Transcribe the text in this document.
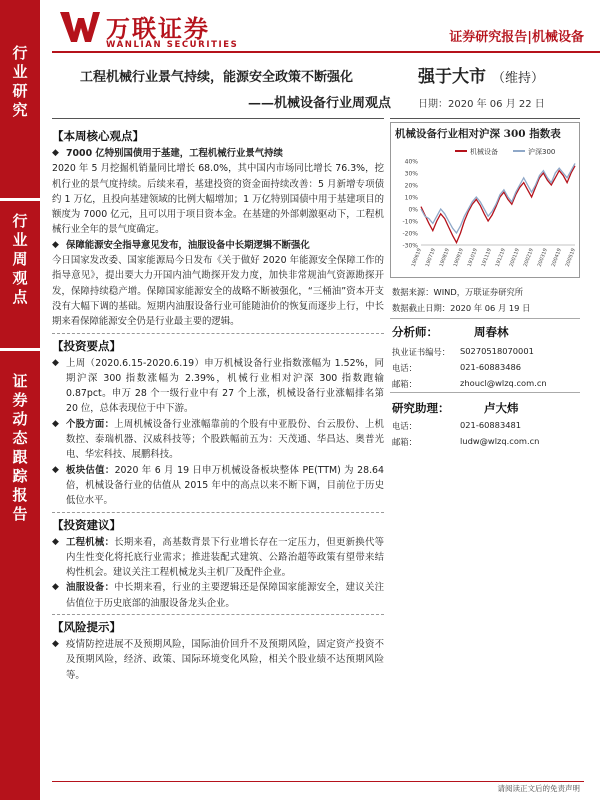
行
业
研
究
行
业
周
观
点
证
券
动
态
跟
踪
报
告
万联证券
WANLIAN SECURITIES	证券研究报告|机械设备
工程机械行业景气持续，能源安全政策不断强化
——机械设备行业周观点
强于大市 （维持）
日期：2020 年 06 月 22 日
【本周核心观点】
◆ 7000 亿特别国债用于基建，工程机械行业景气持续

2020 年 5 月挖掘机销量同比增长 68.0%，其中国内市场同比增长 76.3%，挖机行业的景气度持续。后续来看，基建投资的资金面持续改善：5 月新增专项债约 1 万亿，且投向基建领域的比例大幅增加；1 万亿特别国债中用于基建项目的额度为 7000 亿元，且可以用于项目资本金。在基建的外部刺激驱动下，工程机械行业全年的景气度确定。

◆ 保障能源安全指导意见发布，油服设备中长期逻辑不断强化

今日国家发改委、国家能源局今日发布《关于做好 2020 年能源安全保障工作的指导意见》，提出要大力开国内油气勘探开发力度，加快非常规油气资源勘探开发，保障持续稳产增。保障国家能源安全的战略不断被强化，“三桶油”资本开支没有大幅下调的基础。短期内油服设备行业可能随油价的恢复而逐步上行，中长期来看保障能源安全仍是行业最主要的逻辑。

【投资要点】
◆ 上周（2020.6.15-2020.6.19）申万机械设备行业指数涨幅为 1.52%，同期沪深 300 指数涨幅为 2.39%，机械行业相对沪深 300 指数跑输 0.87pct。申万 28 个一级行业中有 27 个上涨，机械设备行业涨幅排名第 20 位，总体表现位于中下游。
◆ 个股方面：上周机械设备行业涨幅靠前的个股有中亚股份、台云股份、上机数控、泰瑞机器、汉威科技等；个股跌幅前五为：天茂通、华昌达、奥普光电、华宏科技、展鹏科技。
◆ 板块估值：2020 年 6 月 19 日申万机械设备板块整体 PE(TTM) 为 28.64 倍，机械设备行业的估值从 2015 年中的高点以来不断下调，目前位于历史低位水平。
【投资建议】
◆ 工程机械：长期来看，高基数背景下行业增长存在一定压力，但更新换代等内生性变化将托底行业需求；推进装配式建筑、公路治超等政策有望带来结构性机会。建议关注工程机械龙头主机厂及配件企业。
◆ 油服设备：中长期来看，行业的主要逻辑还是保障国家能源安全，建议关注估值位于历史底部的油服设备龙头企业。
【风险提示】
◆ 疫情防控进展不及预期风险，国际油价回升不及预期风险，固定资产投资不及预期风险，经济、政策、国际环境变化风险，相关个股业绩不达预期风险等。
机械设备行业相对沪深 300 指数表
机械设备	沪深300
40%
30%
20%
10%
0%
-10%
-20%
-30%
190619 190719 190819 190919 191019 191119 191219 200119 200219 200319 200419 200519
数据来源：WIND，万联证券研究所
数据截止日期：2020 年 06 月 19 日
分析师：	周春林
执业证书编号： S0270518070001
电话：	021-60883486
邮箱：	zhoucl@wlzq.com.cn
研究助理：	卢大炜
电话：	021-60883481
邮箱：	ludw@wlzq.com.cn
请阅读正文后的免责声明
